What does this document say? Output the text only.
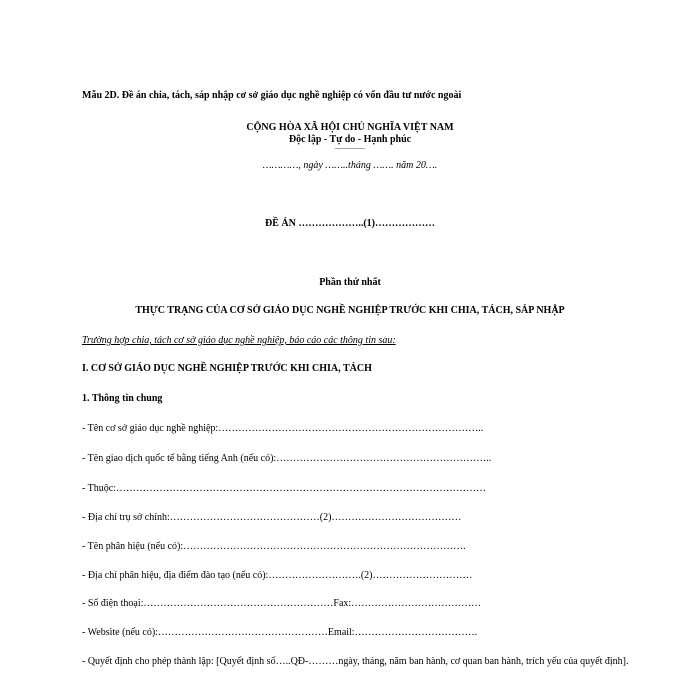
Mẫu 2D. Đề án chia, tách, sáp nhập cơ sở giáo dục nghề nghiệp có vốn đầu tư nước ngoài
CỘNG HÒA XÃ HỘI CHỦ NGHĨA VIỆT NAM
Độc lập - Tự do - Hạnh phúc
---------------
…………, ngày ……..tháng ……. năm 20….
ĐỀ ÁN ………………..(1)………………
Phần thứ nhất
THỰC TRẠNG CỦA CƠ SỞ GIÁO DỤC NGHỀ NGHIỆP TRƯỚC KHI CHIA, TÁCH, SÁP NHẬP
Trường hợp chia, tách cơ sở giáo dục nghề nghiệp, báo cáo các thông tin sau:
I. CƠ SỞ GIÁO DỤC NGHỀ NGHIỆP TRƯỚC KHI CHIA, TÁCH
1. Thông tin chung
- Tên cơ sở giáo dục nghề nghiệp:……………………………………………………………………..
- Tên giao dịch quốc tế bằng tiếng Anh (nếu có):………………………………………………………..
- Thuộc:…………………………………………………………………………………………………
- Địa chỉ trụ sở chính:………………………………………(2)…………………………………
- Tên phân hiệu (nếu có):………………………………………………………………………….
- Địa chỉ phân hiệu, địa điểm đào tạo (nếu có):……………………….(2)…………………………
- Số điện thoại:…………………………………………………Fax:…………………………………
- Website (nếu có):……………………………………………Email:……………………………….
- Quyết định cho phép thành lập: [Quyết định số…..QĐ-………ngày, tháng, năm ban hành, cơ quan ban hành, trích yếu của quyết định].
